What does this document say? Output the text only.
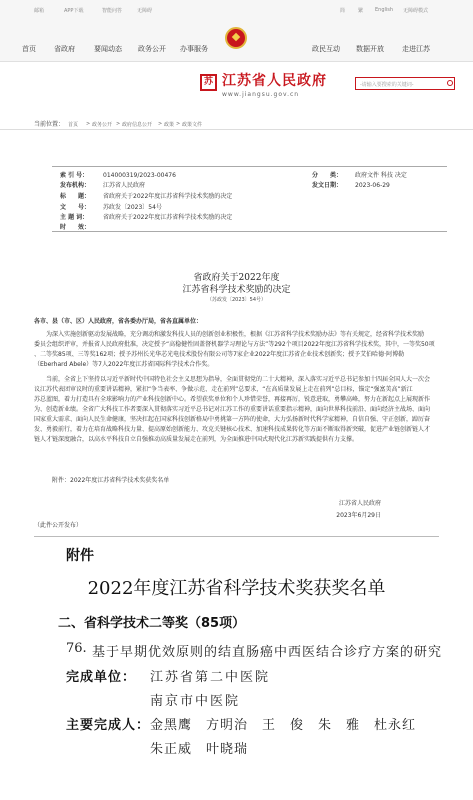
邮箱	APP下载	智能问答	无障碍	简	繁 English 无障碍模式
首页	省政府	要闻动态 政务公开 办事服务	政民互动 数据开放	走进江苏
苏 江苏省人民政府
www.jiangsu.gov.cn
-请输入要搜索的关键词-
当前位置： 首页 > 政务公开 > 政府信息公开 > 政策 > 政策文件
索 引 号： 014000319/2023-00476	分　　类： 政府文件 科技 决定
发布机构： 江苏省人民政府	发文日期： 2023-06-29
标　　题： 省政府关于2022年度江苏省科学技术奖励的决定
文　　号： 苏政发〔2023〕54号
主 题 词： 省政府关于2022年度江苏省科学技术奖励的决定
时　　效：
省政府关于2022年度
江苏省科学技术奖励的决定
（苏政发〔2023〕54号）
各市、县（市、区）人民政府，省各委办厅局，省各直属单位：
　　为深入实施创新驱动发展战略，充分调动和激发科技人员的创新创业积极性，根据《江苏省科学技术奖励办法》等有关规定，经省科学技术奖励
委员会组织评审，并报省人民政府批准，决定授予“高稳健性固盖督机器学习理论与方法”等292个项目2022年度江苏省科学技术奖，其中，一等奖50项
、二等奖85项、三等奖162项；授予苏州长光华芯光电技术股份有限公司等7家企业2022年度江苏省企业技术创新奖；授予艾伯哈德·阿博勒
（Eberhard Abele）等7人2022年度江苏省国际科学技术合作奖。
　　当前，全省上下坚持以习近平新时代中国特色社会主义思想为指导，全面贯彻党的二十大精神，深入落实习近平总书记参加十四届全国人大一次会
议江苏代表团审议时的重要讲话精神，紧扣“争当表率、争做示范、走在前列”总要求，“在高质量发展上走在前列”总目标，锚定“强富美高”新江
苏总蓝图，着力打造具有全球影响力的产业科技创新中心。希望获奖单位和个人珍惜荣誉，再接再厉，锐意进取，勇攀高峰，努力在新起点上展现新作
为、创造新业绩。全省广大科技工作者要深入贯彻落实习近平总书记对江苏工作的重要讲话重要指示精神，面向世界科技前沿、面向经济主战场、面向
国家重大需求、面向人民生命健康，坚决扛起在国家科技创新格局中勇挑第一方阵的使命，大力弘扬新时代科学家精神，自信自强、守正创新，踔厉奋
发、勇毅前行，着力在培育战略科技力量、提高原始创新能力、攻克关键核心技术、加速科技成果转化等方面不断取得新突破，促进产业链创新链人才
链人才链深度融合，以高水平科技自立自强推动高质量发展走在前列，为全面推进中国式现代化江苏新实践提供有力支撑。
附件：2022年度江苏省科学技术奖获奖名单
江苏省人民政府
2023年6月29日
（此件公开发布）
附件
2022年度江苏省科学技术奖获奖名单
二、省科学技术二等奖（85项）
76. 基于早期优效原则的结直肠癌中西医结合诊疗方案的研究
完成单位： 江苏省第二中医院
南京市中医院
主要完成人： 金黑鹰　方明治　王　俊　朱　雅　杜永红
朱正威　叶晓瑞
